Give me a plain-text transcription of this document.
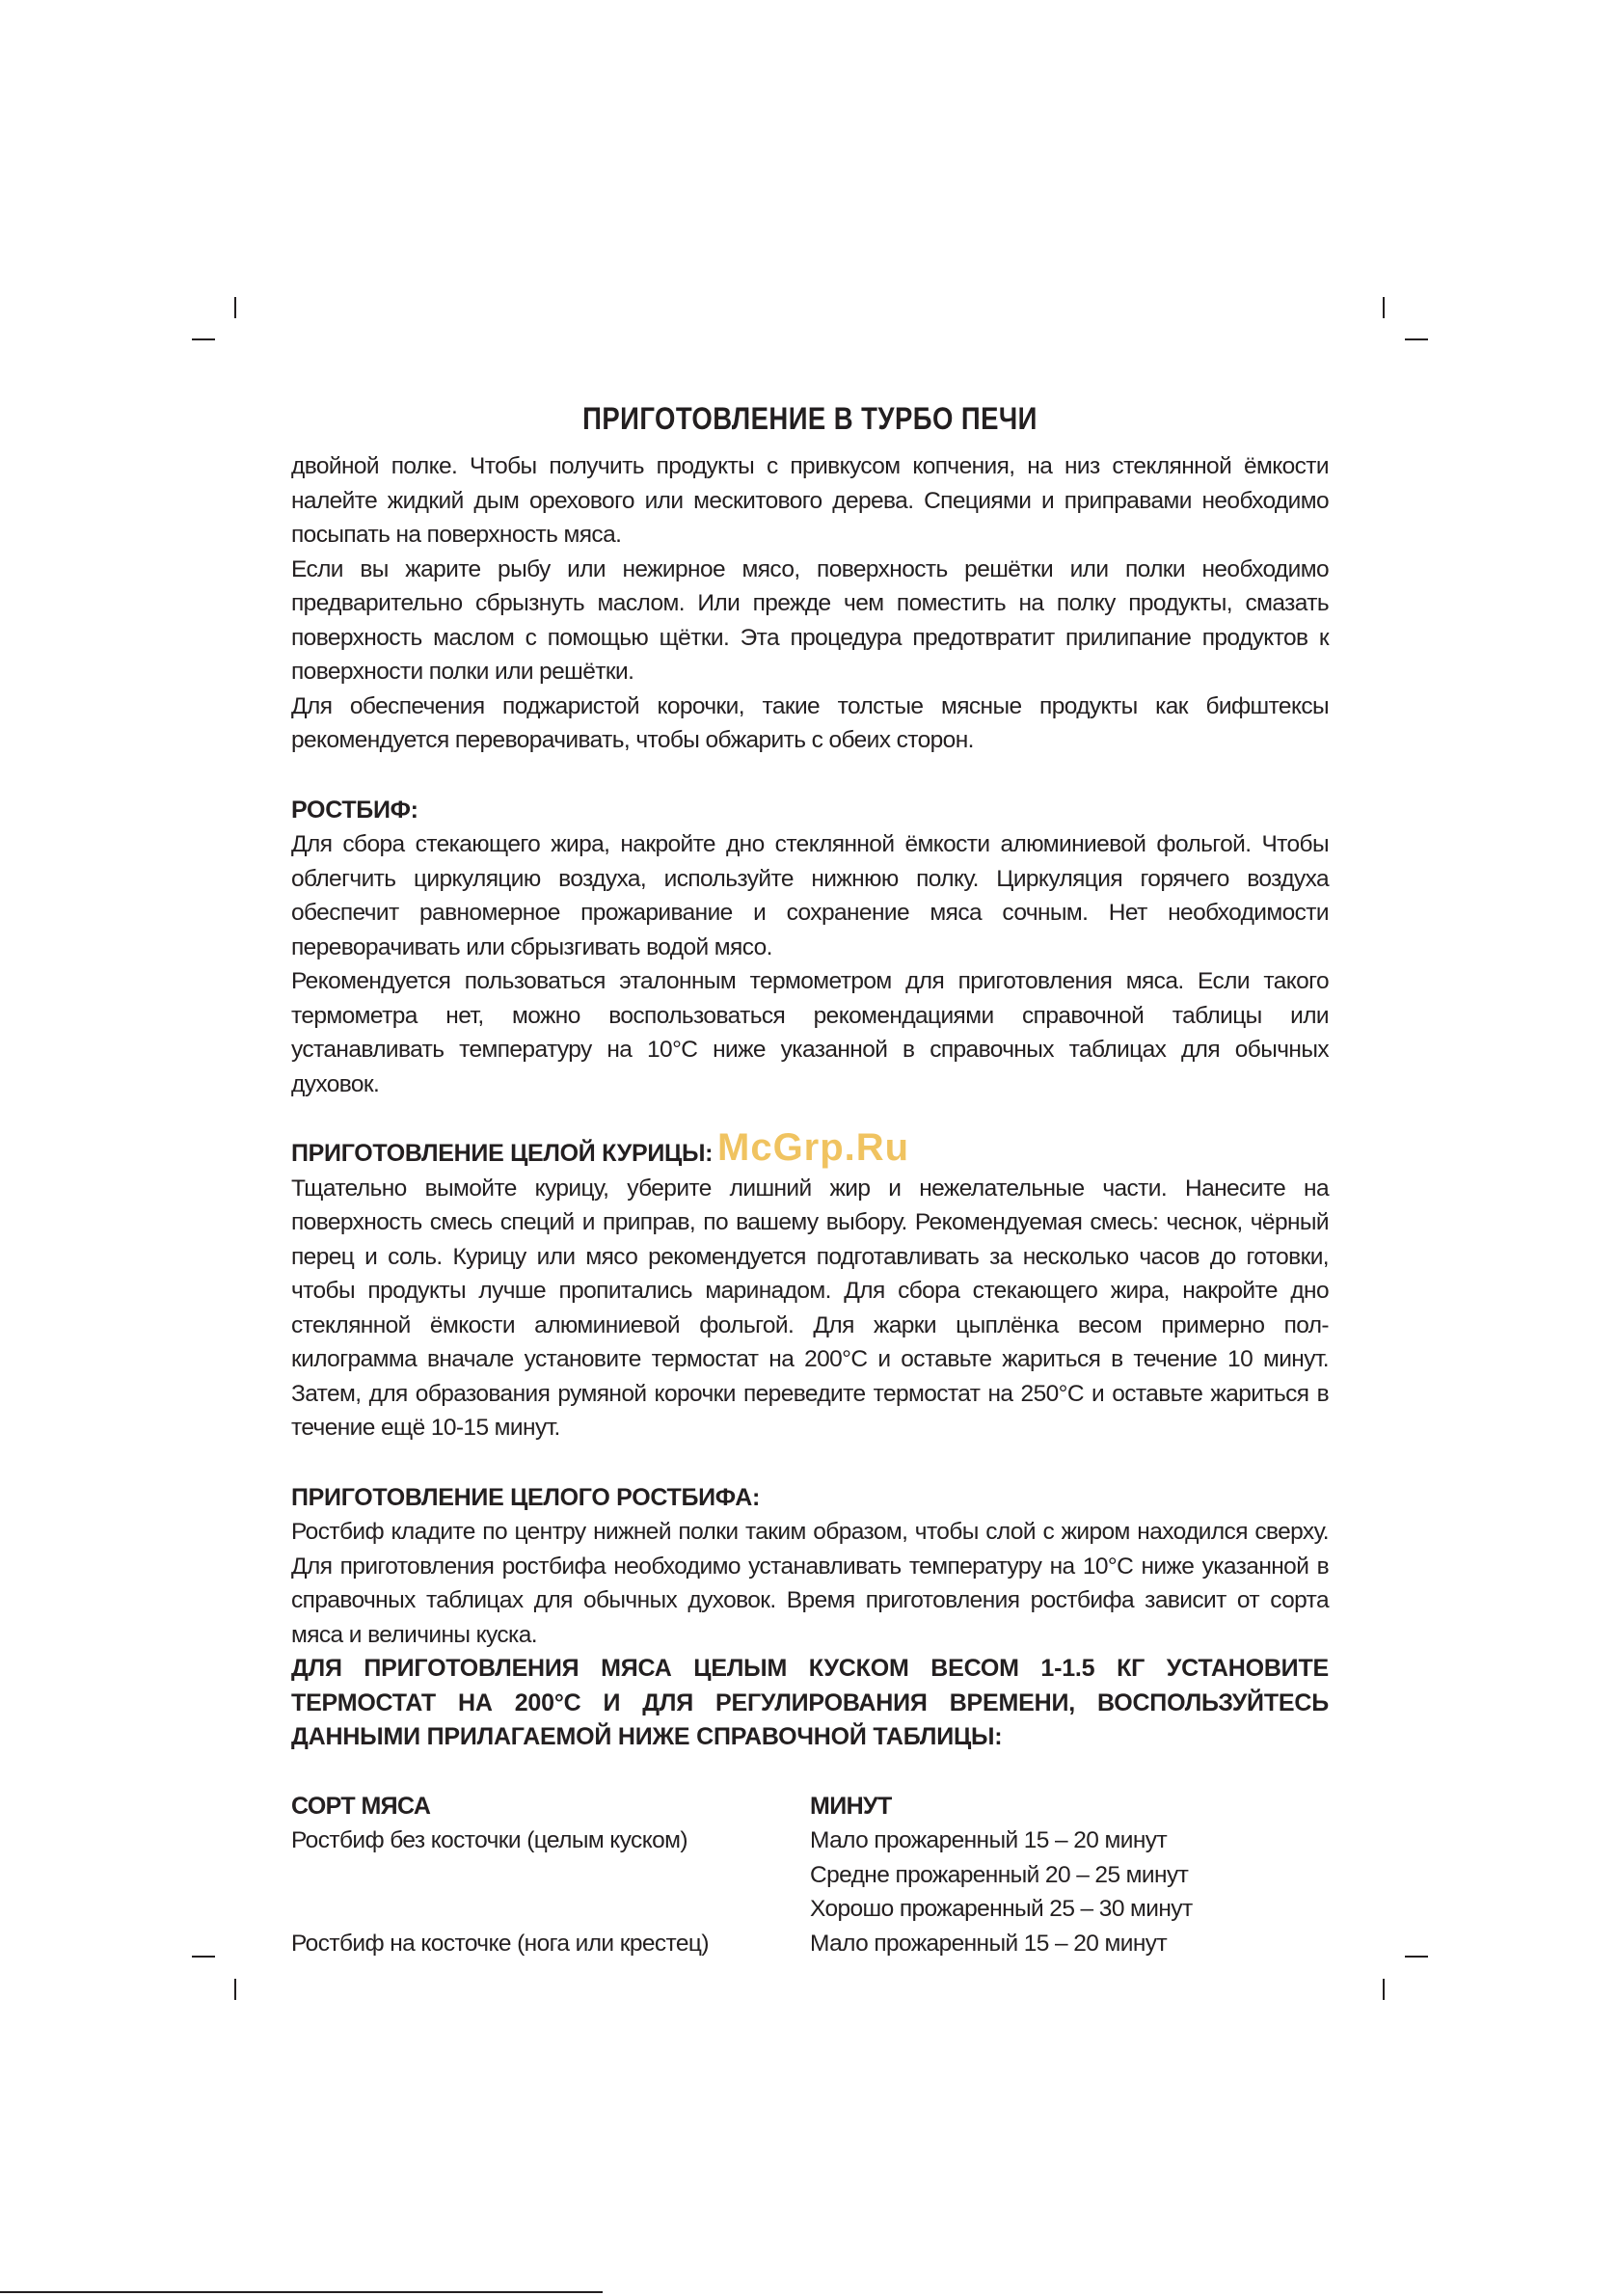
ПРИГОТОВЛЕНИЕ В ТУРБО ПЕЧИ

двойной полке. Чтобы получить продукты с привкусом копчения, на низ стеклянной ёмкости налейте жидкий дым орехового или мескитового дерева. Специями и приправами необходимо посыпать на поверхность мяса.

Если вы жарите рыбу или нежирное мясо, поверхность решётки или полки необходимо предварительно сбрызнуть маслом. Или прежде чем поместить на полку продукты, смазать поверхность маслом с помощью щётки. Эта процедура предотвратит прилипание продуктов к поверхности полки или решётки.

Для обеспечения поджаристой корочки, такие толстые мясные продукты как бифштексы рекомендуется переворачивать, чтобы обжарить с обеих сторон.

РОСТБИФ:

Для сбора стекающего жира, накройте дно стеклянной ёмкости алюминиевой фольгой. Чтобы облегчить циркуляцию воздуха, используйте нижнюю полку. Циркуляция горячего воздуха обеспечит равномерное прожаривание и сохранение мяса сочным. Нет необходимости переворачивать или сбрызгивать водой мясо.

Рекомендуется пользоваться эталонным термометром для приготовления мяса. Если такого термометра нет, можно воспользоваться рекомендациями справочной таблицы или устанавливать температуру на 10°С ниже указанной в справочных таблицах для обычных духовок.

ПРИГОТОВЛЕНИЕ ЦЕЛОЙ КУРИЦЫ:

Тщательно вымойте курицу, уберите лишний жир и нежелательные части. Нанесите на поверхность смесь специй и приправ, по вашему выбору. Рекомендуемая смесь: чеснок, чёрный перец и соль. Курицу или мясо рекомендуется подготавливать за несколько часов до готовки, чтобы продукты лучше пропитались маринадом. Для сбора стекающего жира, накройте дно стеклянной ёмкости алюминиевой фольгой. Для жарки цыплёнка весом примерно пол-килограмма вначале установите термостат на 200°С и оставьте жариться в течение 10 минут. Затем, для образования румяной корочки переведите термостат на 250°С и оставьте жариться в течение ещё 10-15 минут.

ПРИГОТОВЛЕНИЕ ЦЕЛОГО РОСТБИФА:

Ростбиф кладите по центру нижней полки таким образом, чтобы слой с жиром находился сверху. Для приготовления ростбифа необходимо устанавливать температуру на 10°С ниже указанной в справочных таблицах для обычных духовок. Время приготовления ростбифа зависит от сорта мяса и величины куска.

ДЛЯ ПРИГОТОВЛЕНИЯ МЯСА ЦЕЛЫМ КУСКОМ ВЕСОМ 1-1.5 КГ УСТАНОВИТЕ ТЕРМОСТАТ НА 200°С И ДЛЯ РЕГУЛИРОВАНИЯ ВРЕМЕНИ, ВОСПОЛЬЗУЙТЕСЬ ДАННЫМИ ПРИЛАГАЕМОЙ НИЖЕ СПРАВОЧНОЙ ТАБЛИЦЫ:

СОРТ МЯСА	МИНУТ
Ростбиф без косточки (целым куском)	Мало прожаренный 15 – 20 минут
	Средне прожаренный 20 – 25 минут
	Хорошо прожаренный 25 – 30 минут
Ростбиф на косточке (нога или крестец)	Мало прожаренный 15 – 20 минут
McGrp.Ru
